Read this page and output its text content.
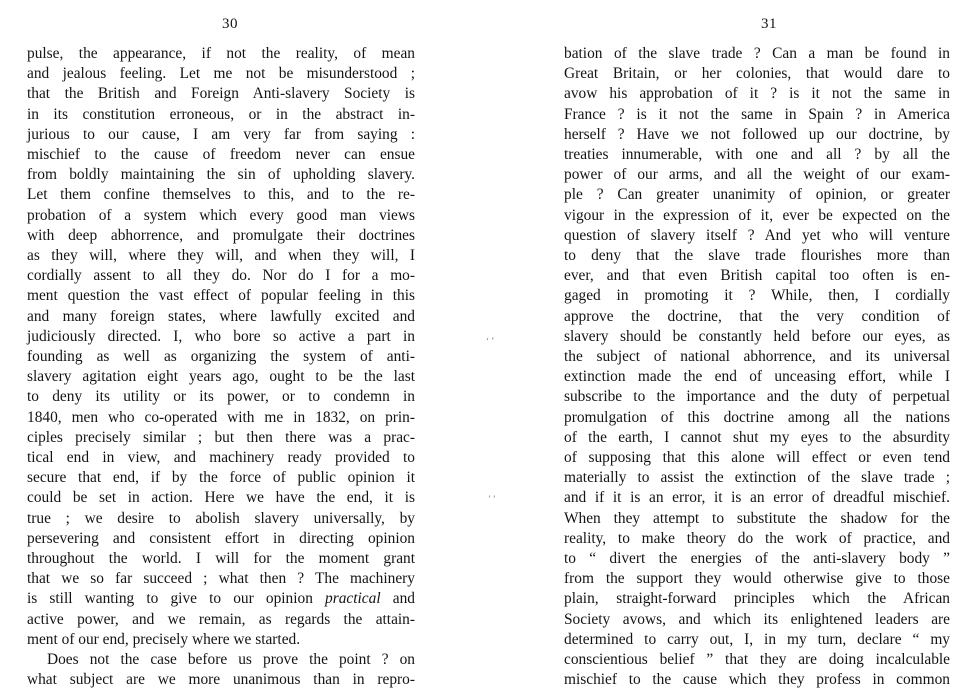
30
pulse, the appearance, if not the reality, of mean
and jealous feeling. Let me not be misunderstood ;
that the British and Foreign Anti-slavery Society is
in its constitution erroneous, or in the abstract in-
jurious to our cause, I am very far from saying :
mischief to the cause of freedom never can ensue
from boldly maintaining the sin of upholding slavery.
Let them confine themselves to this, and to the re-
probation of a system which every good man views
with deep abhorrence, and promulgate their doctrines
as they will, where they will, and when they will, I
cordially assent to all they do. Nor do I for a mo-
ment question the vast effect of popular feeling in this
and many foreign states, where lawfully excited and
judiciously directed. I, who bore so active a part in
founding as well as organizing the system of anti-
slavery agitation eight years ago, ought to be the last
to deny its utility or its power, or to condemn in
1840, men who co-operated with me in 1832, on prin-
ciples precisely similar ; but then there was a prac-
tical end in view, and machinery ready provided to
secure that end, if by the force of public opinion it
could be set in action. Here we have the end, it is
true ; we desire to abolish slavery universally, by
persevering and consistent effort in directing opinion
throughout the world. I will for the moment grant
that we so far succeed ; what then ? The machinery
is still wanting to give to our opinion practical and
active power, and we remain, as regards the attain-
ment of our end, precisely where we started.
Does not the case before us prove the point ? on
what subject are we more unanimous than in repro-
‘ ’
’ ’
31
bation of the slave trade ? Can a man be found in
Great Britain, or her colonies, that would dare to
avow his approbation of it ? is it not the same in
France ? is it not the same in Spain ? in America
herself ? Have we not followed up our doctrine, by
treaties innumerable, with one and all ? by all the
power of our arms, and all the weight of our exam-
ple ? Can greater unanimity of opinion, or greater
vigour in the expression of it, ever be expected on the
question of slavery itself ? And yet who will venture
to deny that the slave trade flourishes more than
ever, and that even British capital too often is en-
gaged in promoting it ? While, then, I cordially
approve the doctrine, that the very condition of
slavery should be constantly held before our eyes, as
the subject of national abhorrence, and its universal
extinction made the end of unceasing effort, while I
subscribe to the importance and the duty of perpetual
promulgation of this doctrine among all the nations
of the earth, I cannot shut my eyes to the absurdity
of supposing that this alone will effect or even tend
materially to assist the extinction of the slave trade ;
and if it is an error, it is an error of dreadful mischief.
When they attempt to substitute the shadow for the
reality, to make theory do the work of practice, and
to “ divert the energies of the anti-slavery body ”
from the support they would otherwise give to those
plain, straight-forward principles which the African
Society avows, and which its enlightened leaders are
determined to carry out, I, in my turn, declare “ my
conscientious belief ” that they are doing incalculable
mischief to the cause which they profess in common
